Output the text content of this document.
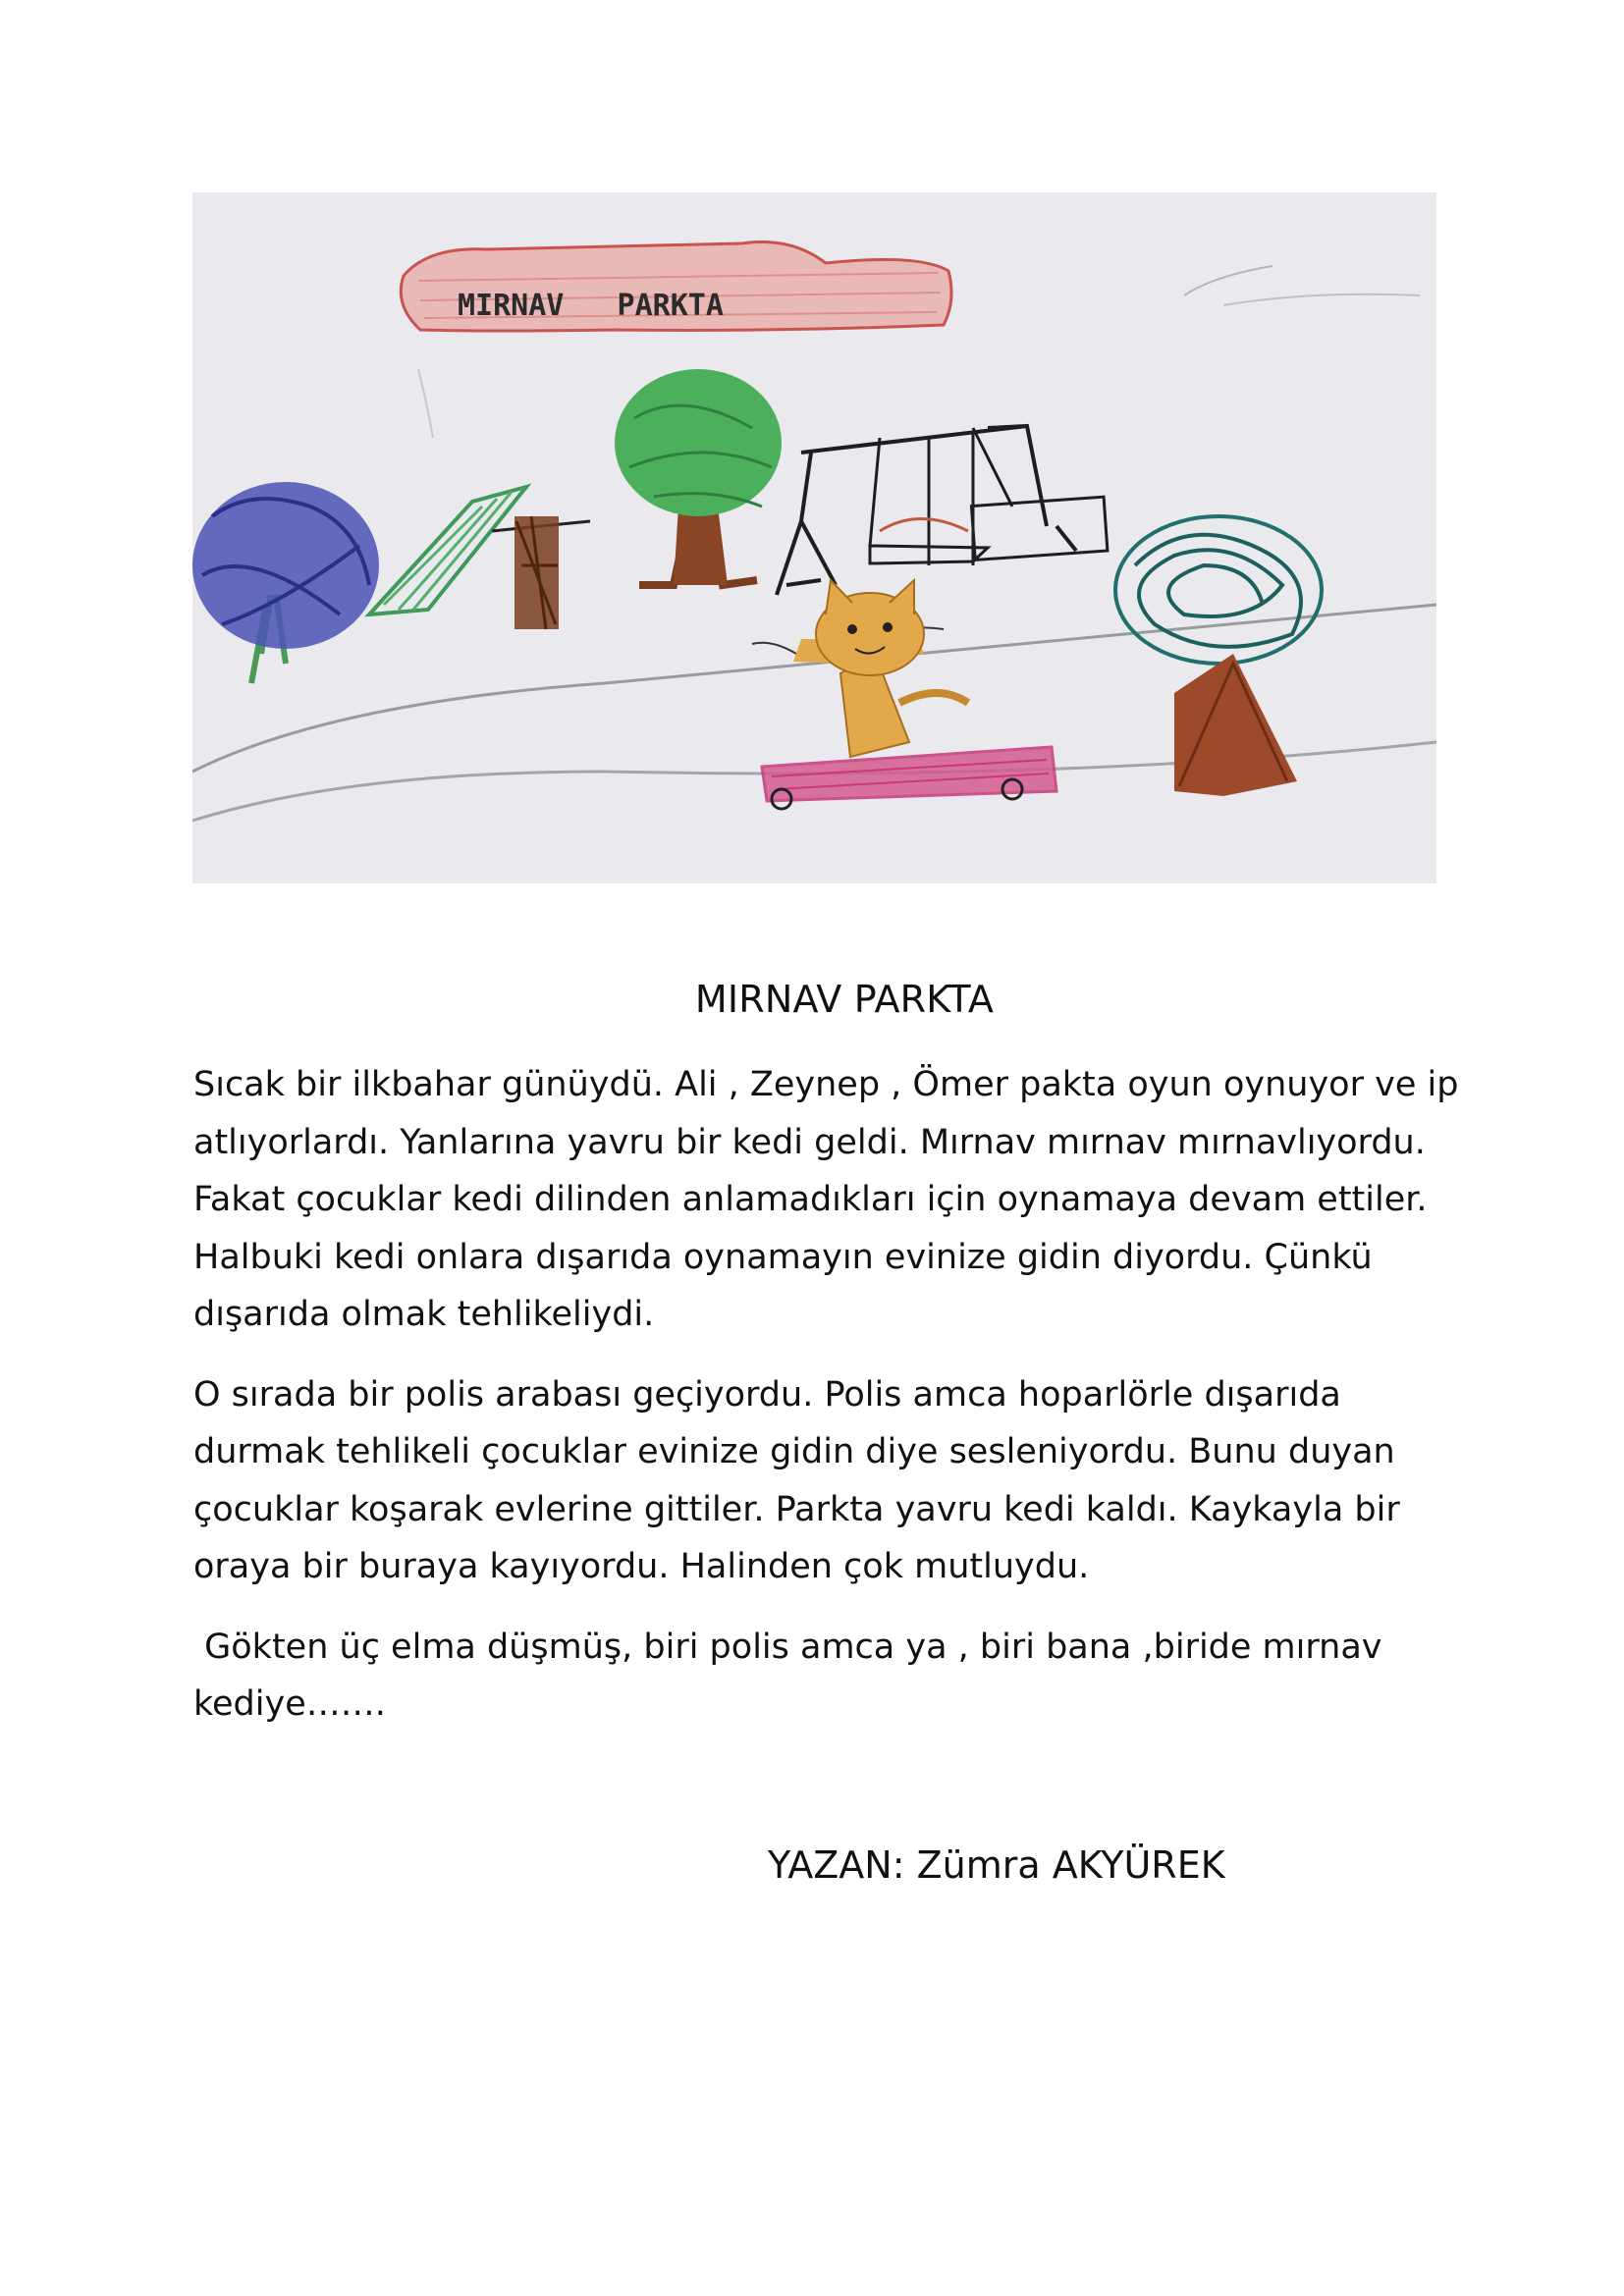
MIRNAV   PARKTA
MIRNAV PARKTA

Sıcak bir ilkbahar günüydü. Ali , Zeynep , Ömer pakta oyun oynuyor ve ip atlıyorlardı. Yanlarına yavru bir kedi geldi. Mırnav mırnav mırnavlıyordu. Fakat çocuklar kedi dilinden anlamadıkları için oynamaya devam ettiler. Halbuki kedi onlara dışarıda oynamayın evinize gidin diyordu. Çünkü dışarıda olmak tehlikeliydi.

O sırada bir polis arabası geçiyordu. Polis amca hoparlörle dışarıda durmak tehlikeli çocuklar evinize gidin diye sesleniyordu. Bunu duyan çocuklar koşarak evlerine gittiler. Parkta yavru kedi kaldı. Kaykayla bir oraya bir buraya kayıyordu. Halinden çok mutluydu.

Gökten üç elma düşmüş, biri polis amca ya , biri bana ,biride mırnav kediye…….

YAZAN: Zümra AKYÜREK
